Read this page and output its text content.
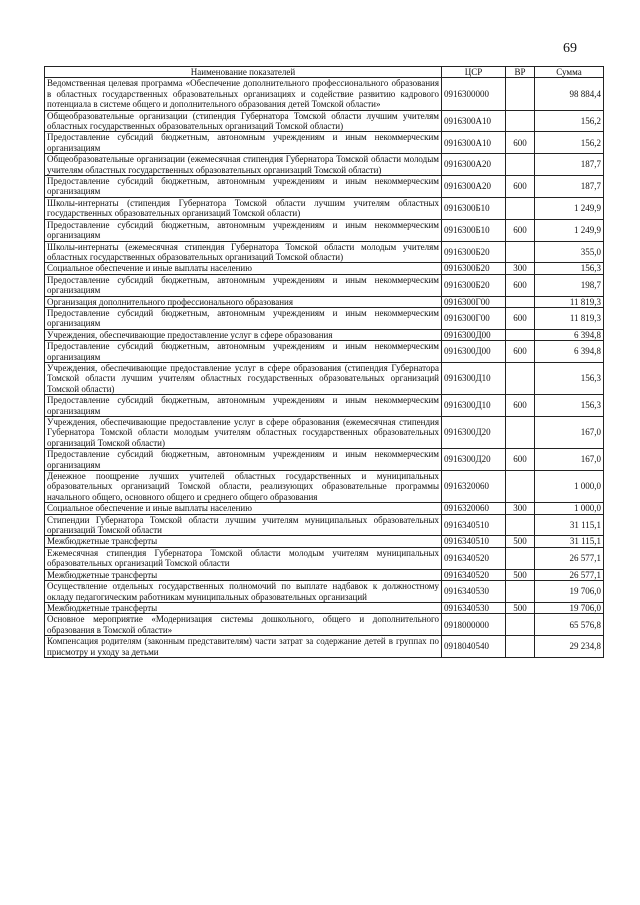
69
Наименование показателей	ЦСР	ВР	Сумма
Ведомственная целевая программа «Обеспечение дополнительного профессионального образования в областных государственных образовательных организациях и содействие развитию кадрового потенциала в системе общего и дополнительного образования детей Томской области»	0916300000		98 884,4
Общеобразовательные организации (стипендия Губернатора Томской области лучшим учителям областных государственных образовательных организаций Томской области)	0916300А10		156,2
Предоставление субсидий бюджетным, автономным учреждениям и иным некоммерческим организациям	0916300А10	600	156,2
Общеобразовательные организации (ежемесячная стипендия Губернатора Томской области молодым учителям областных государственных образовательных организаций Томской области)	0916300А20		187,7
Предоставление субсидий бюджетным, автономным учреждениям и иным некоммерческим организациям	0916300А20	600	187,7
Школы-интернаты (стипендия Губернатора Томской области лучшим учителям областных государственных образовательных организаций Томской области)	0916300Б10		1 249,9
Предоставление субсидий бюджетным, автономным учреждениям и иным некоммерческим организациям	0916300Б10	600	1 249,9
Школы-интернаты (ежемесячная стипендия Губернатора Томской области молодым учителям областных государственных образовательных организаций Томской области)	0916300Б20		355,0
Социальное обеспечение и иные выплаты населению	0916300Б20	300	156,3
Предоставление субсидий бюджетным, автономным учреждениям и иным некоммерческим организациям	0916300Б20	600	198,7
Организация дополнительного профессионального образования	0916300Г00		11 819,3
Предоставление субсидий бюджетным, автономным учреждениям и иным некоммерческим организациям	0916300Г00	600	11 819,3
Учреждения, обеспечивающие предоставление услуг в сфере образования	0916300Д00		6 394,8
Предоставление субсидий бюджетным, автономным учреждениям и иным некоммерческим организациям	0916300Д00	600	6 394,8
Учреждения, обеспечивающие предоставление услуг в сфере образования (стипендия Губернатора Томской области лучшим учителям областных государственных образовательных организаций Томской области)	0916300Д10		156,3
Предоставление субсидий бюджетным, автономным учреждениям и иным некоммерческим организациям	0916300Д10	600	156,3
Учреждения, обеспечивающие предоставление услуг в сфере образования (ежемесячная стипендия Губернатора Томской области молодым учителям областных государственных образовательных организаций Томской области)	0916300Д20		167,0
Предоставление субсидий бюджетным, автономным учреждениям и иным некоммерческим организациям	0916300Д20	600	167,0
Денежное поощрение лучших учителей областных государственных и муниципальных образовательных организаций Томской области, реализующих образовательные программы начального общего, основного общего и среднего общего образования	0916320060		1 000,0
Социальное обеспечение и иные выплаты населению	0916320060	300	1 000,0
Стипендии Губернатора Томской области лучшим учителям муниципальных образовательных организаций Томской области	0916340510		31 115,1
Межбюджетные трансферты	0916340510	500	31 115,1
Ежемесячная стипендия Губернатора Томской области молодым учителям муниципальных образовательных организаций Томской области	0916340520		26 577,1
Межбюджетные трансферты	0916340520	500	26 577,1
Осуществление отдельных государственных полномочий по выплате надбавок к должностному окладу педагогическим работникам муниципальных образовательных организаций	0916340530		19 706,0
Межбюджетные трансферты	0916340530	500	19 706,0
Основное мероприятие «Модернизация системы дошкольного, общего и дополнительного образования в Томской области»	0918000000		65 576,8
Компенсация родителям (законным представителям) части затрат за содержание детей в группах по присмотру и уходу за детьми	0918040540		29 234,8
